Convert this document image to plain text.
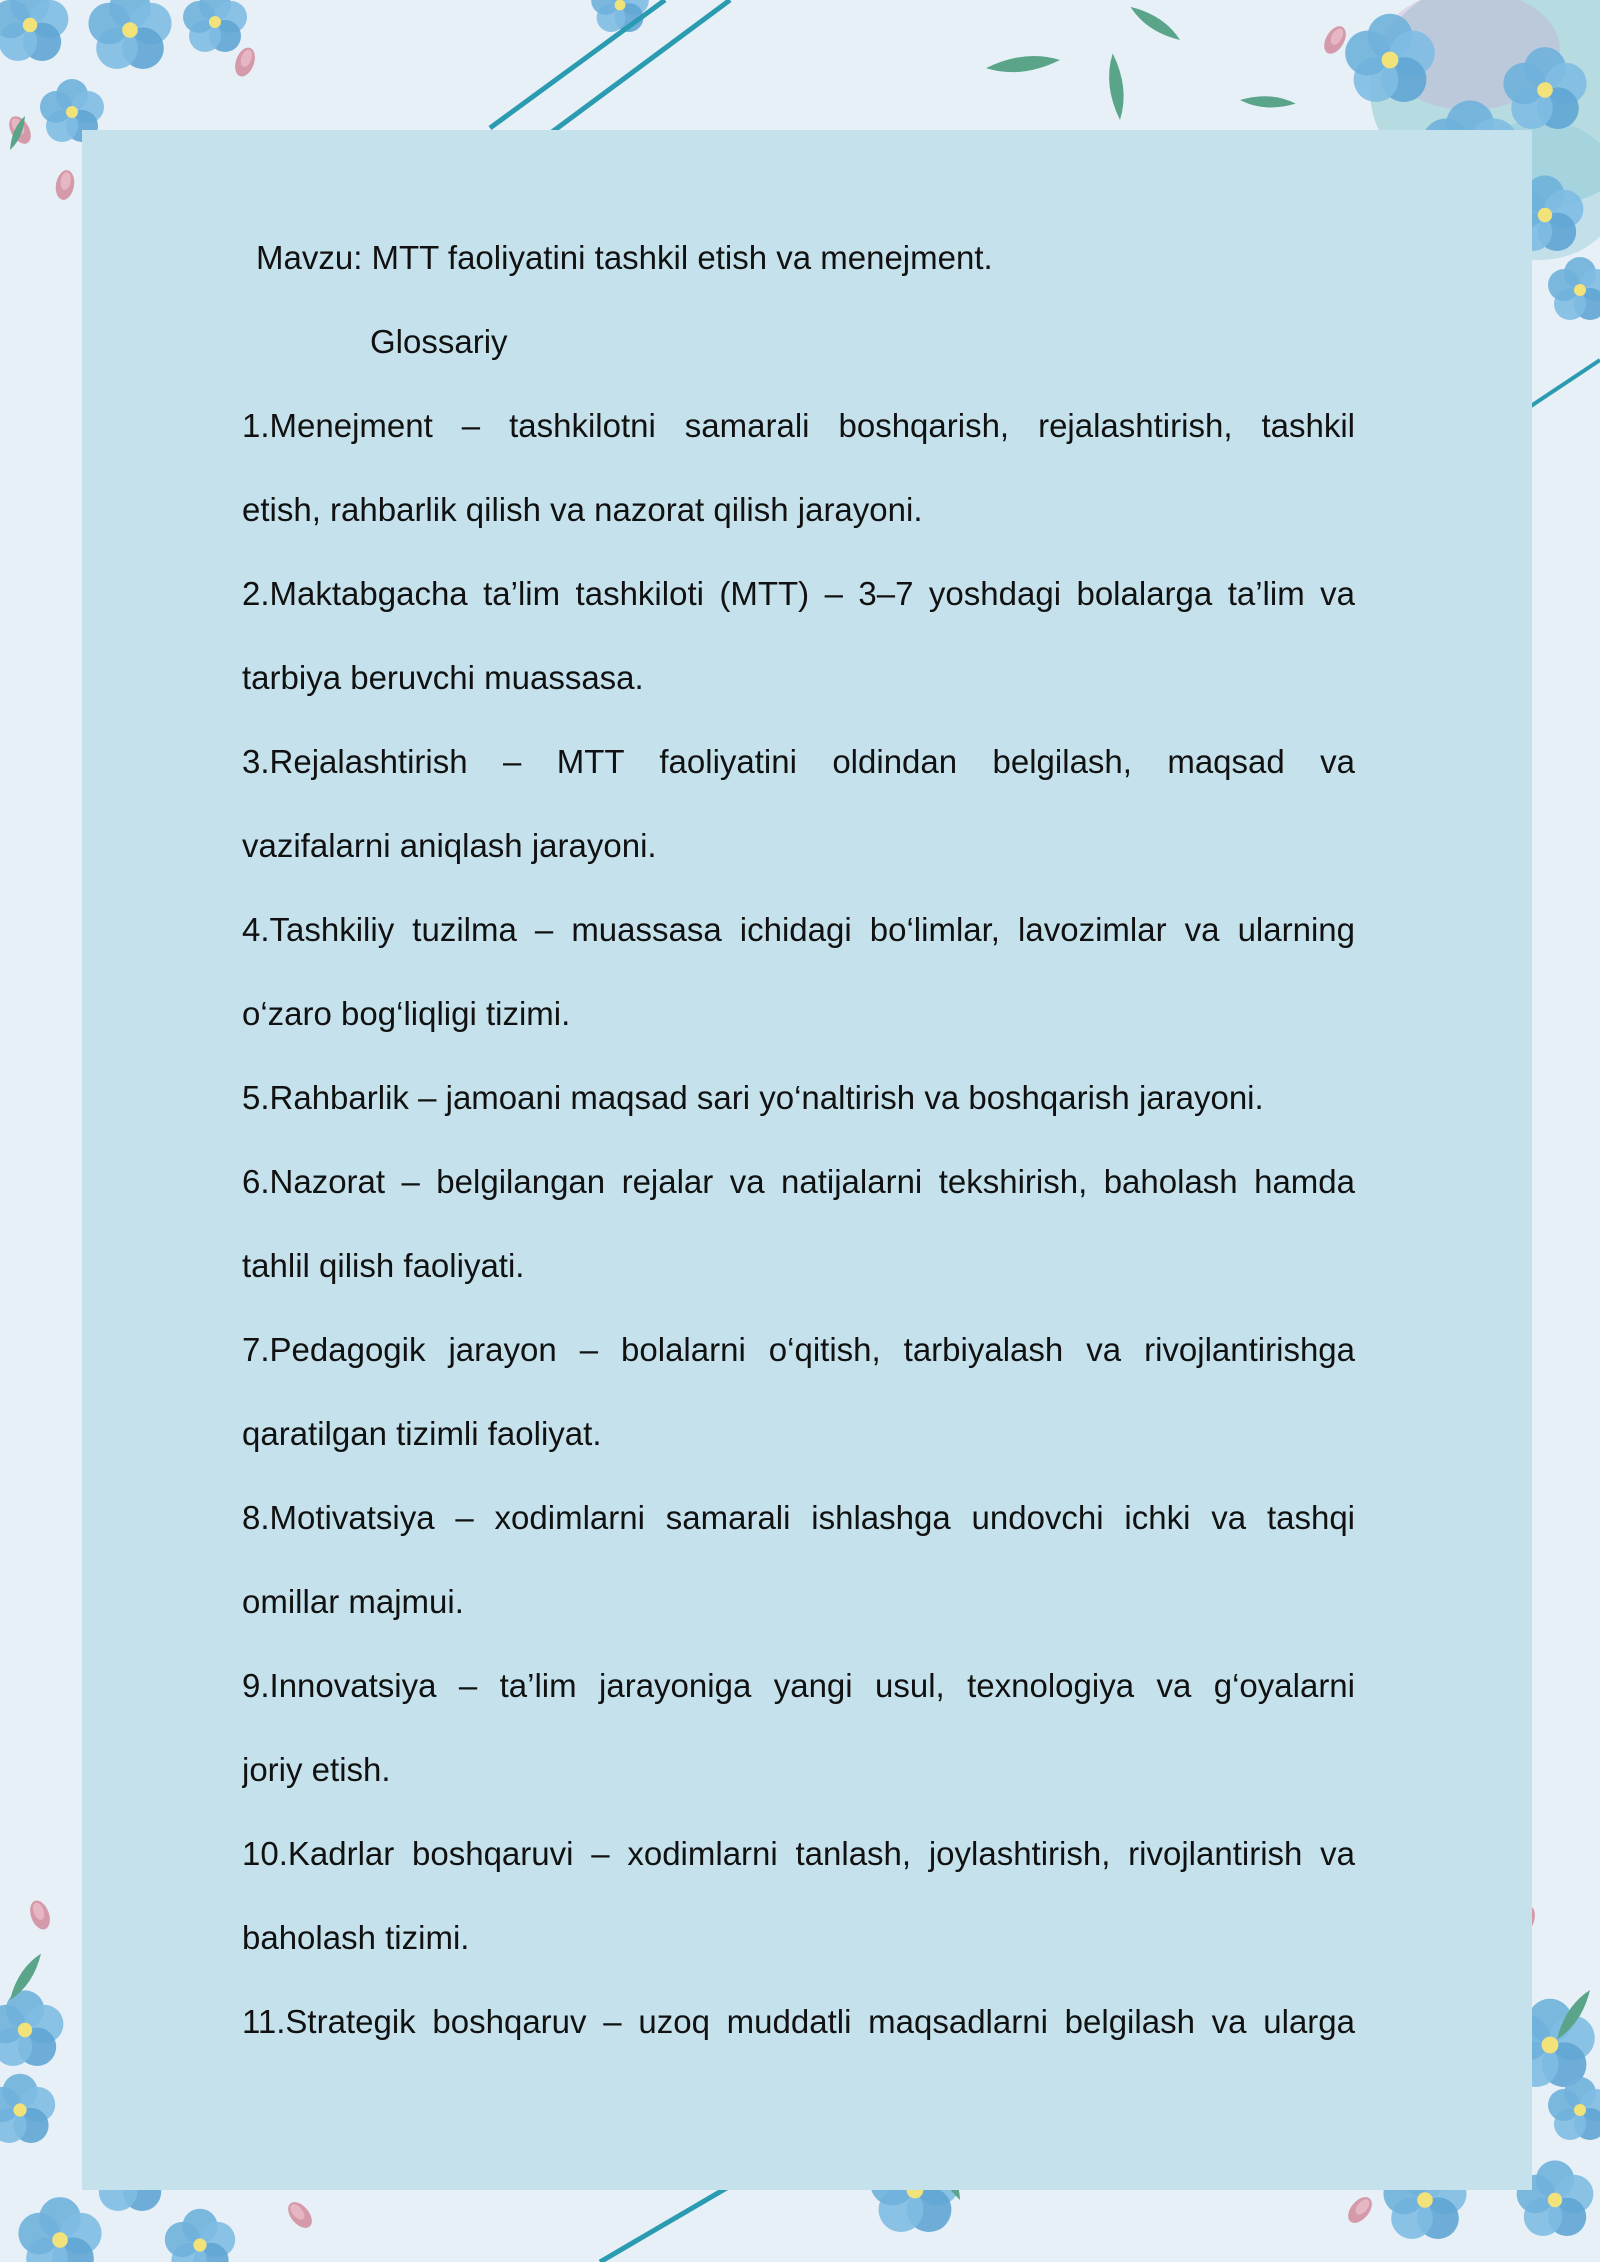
Mavzu: MTT faoliyatini tashkil etish va menejment.
Glossariy
1.Menejment – tashkilotni samarali boshqarish, rejalashtirish, tashkil
etish, rahbarlik qilish va nazorat qilish jarayoni.
2.Maktabgacha ta’lim tashkiloti (MTT) – 3–7 yoshdagi bolalarga ta’lim va
tarbiya beruvchi muassasa.
3.Rejalashtirish – MTT faoliyatini oldindan belgilash, maqsad va
vazifalarni aniqlash jarayoni.
4.Tashkiliy tuzilma – muassasa ichidagi bo‘limlar, lavozimlar va ularning
o‘zaro bog‘liqligi tizimi.
5.Rahbarlik – jamoani maqsad sari yo‘naltirish va boshqarish jarayoni.
6.Nazorat – belgilangan rejalar va natijalarni tekshirish, baholash hamda
tahlil qilish faoliyati.
7.Pedagogik jarayon – bolalarni o‘qitish, tarbiyalash va rivojlantirishga
qaratilgan tizimli faoliyat.
8.Motivatsiya – xodimlarni samarali ishlashga undovchi ichki va tashqi
omillar majmui.
9.Innovatsiya – ta’lim jarayoniga yangi usul, texnologiya va g‘oyalarni
joriy etish.
10.Kadrlar boshqaruvi – xodimlarni tanlash, joylashtirish, rivojlantirish va
baholash tizimi.
11.Strategik boshqaruv – uzoq muddatli maqsadlarni belgilash va ularga
